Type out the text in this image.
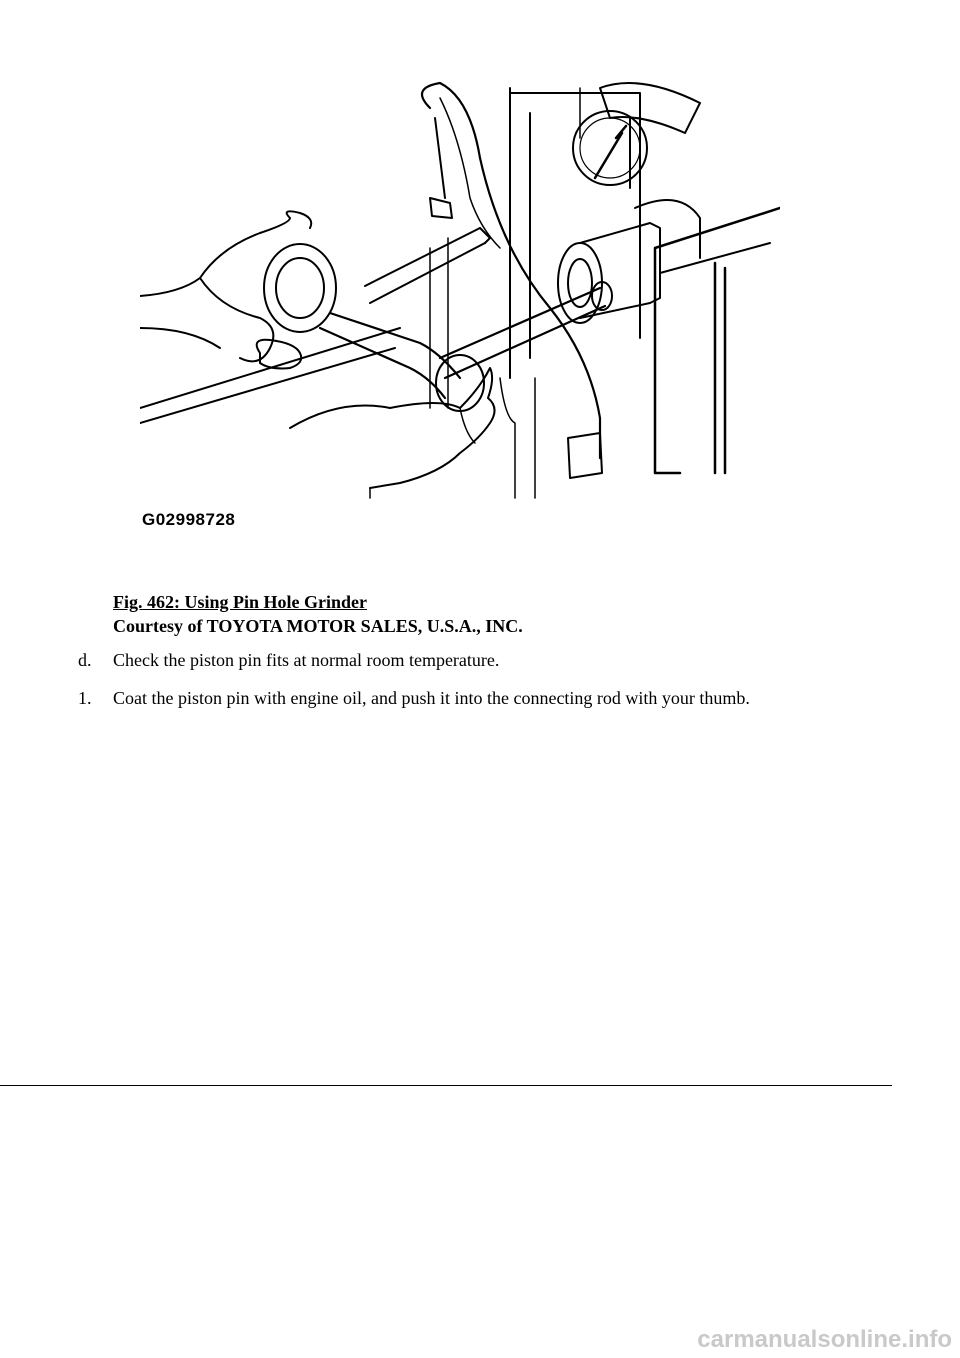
G02998728
Fig. 462: Using Pin Hole Grinder
Courtesy of TOYOTA MOTOR SALES, U.S.A., INC.
d. Check the piston pin fits at normal room temperature.
1. Coat the piston pin with engine oil, and push it into the connecting rod with your thumb.
carmanualsonline.info
